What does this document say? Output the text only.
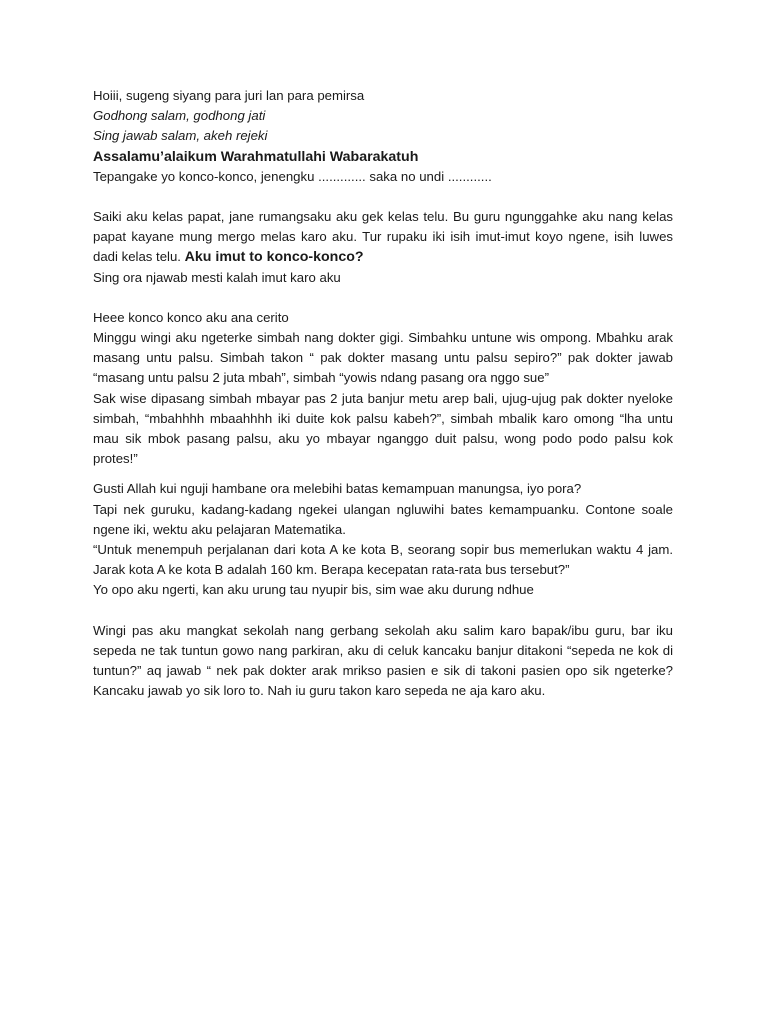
Hoiii, sugeng siyang para juri lan para pemirsa

Godhong salam, godhong jati

Sing jawab salam, akeh rejeki

Assalamu’alaikum Warahmatullahi Wabarakatuh

Tepangake yo konco-konco, jenengku ............. saka no undi ............

Saiki aku kelas papat, jane rumangsaku aku gek kelas telu. Bu guru ngunggahke aku nang kelas papat kayane mung mergo melas karo aku. Tur rupaku iki isih imut-imut koyo ngene, isih luwes dadi kelas telu. Aku imut to konco-konco?

Sing ora njawab mesti kalah imut karo aku

Heee konco konco aku ana cerito

Minggu wingi aku ngeterke simbah nang dokter gigi. Simbahku untune wis ompong. Mbahku arak masang untu palsu. Simbah takon “ pak dokter masang untu palsu sepiro?” pak dokter jawab “masang untu palsu 2 juta mbah”, simbah “yowis ndang pasang ora nggo sue”

Sak wise dipasang simbah mbayar pas 2 juta banjur metu arep bali, ujug-ujug pak dokter nyeloke simbah, “mbahhhh mbaahhhh iki duite kok palsu kabeh?”, simbah mbalik karo omong “lha untu mau sik mbok pasang palsu, aku yo mbayar nganggo duit palsu, wong podo podo palsu kok protes!”

Gusti Allah kui nguji hambane ora melebihi batas kemampuan manungsa, iyo pora?

Tapi nek guruku, kadang-kadang ngekei ulangan ngluwihi bates kemampuanku. Contone soale ngene iki, wektu aku pelajaran Matematika.

“Untuk menempuh perjalanan dari kota A ke kota B, seorang sopir bus memerlukan waktu 4 jam. Jarak kota A ke kota B adalah 160 km. Berapa kecepatan rata-rata bus tersebut?”

Yo opo aku ngerti, kan aku urung tau nyupir bis, sim wae aku durung ndhue

Wingi pas aku mangkat sekolah nang gerbang sekolah aku salim karo bapak/ibu guru, bar iku sepeda ne tak tuntun gowo nang parkiran, aku di celuk kancaku banjur ditakoni “sepeda ne kok di tuntun?” aq jawab “ nek pak dokter arak mrikso pasien e sik di takoni pasien opo sik ngeterke? Kancaku jawab yo sik loro to. Nah iu guru takon karo sepeda ne aja karo aku.
